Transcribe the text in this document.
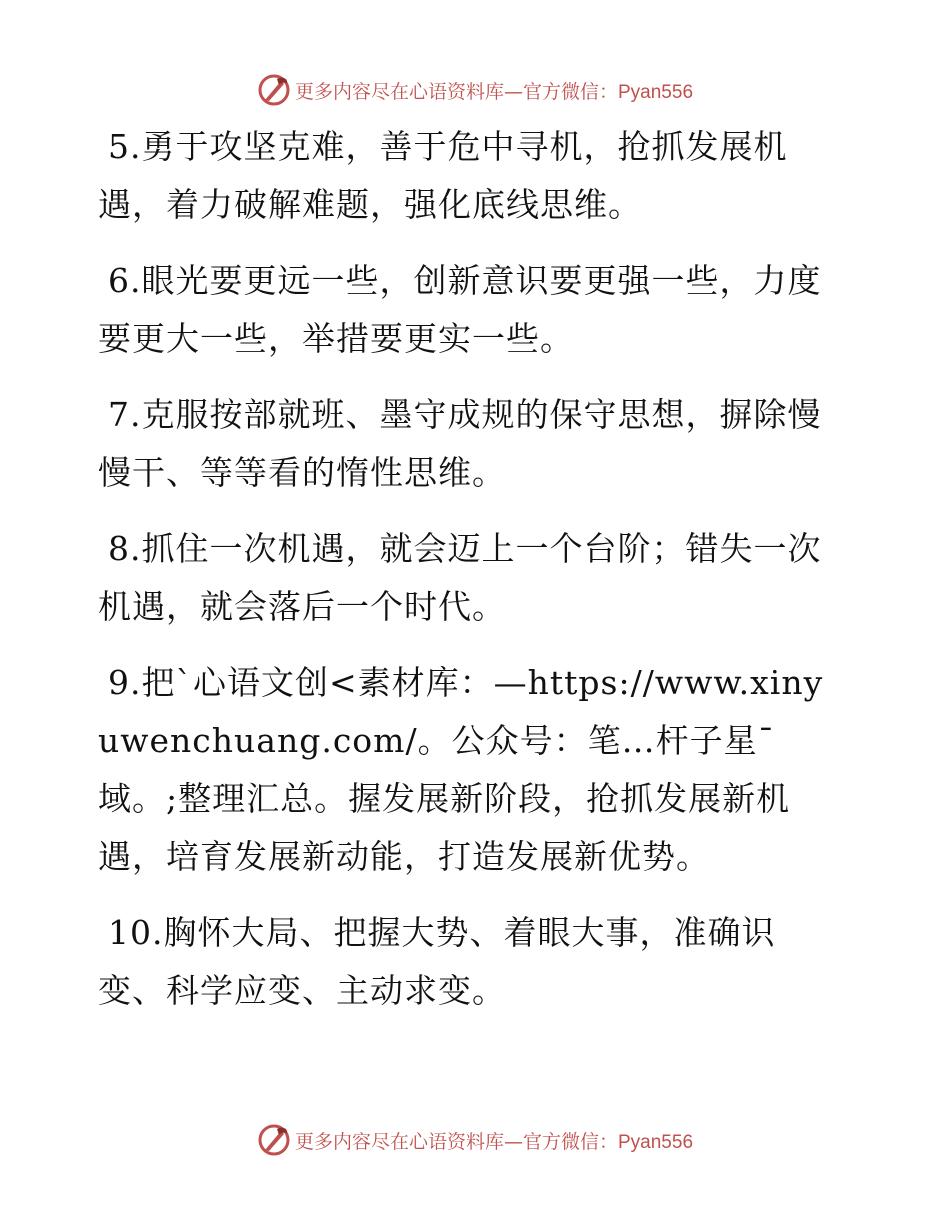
更多内容尽在心语资料库—官方微信：Pyan556

5.勇于攻坚克难，善于危中寻机，抢抓发展机遇，着力破解难题，强化底线思维。

6.眼光要更远一些，创新意识要更强一些，力度要更大一些，举措要更实一些。

7.克服按部就班、墨守成规的保守思想，摒除慢慢干、等等看的惰性思维。

8.抓住一次机遇，就会迈上一个台阶；错失一次机遇，就会落后一个时代。

9.把`心语文创<素材库：—https://www.xinyuwenchuang.com/。公众号：笔…杆子星¯域。;整理汇总。握发展新阶段，抢抓发展新机遇，培育发展新动能，打造发展新优势。

10.胸怀大局、把握大势、着眼大事，准确识变、科学应变、主动求变。

更多内容尽在心语资料库—官方微信：Pyan556
